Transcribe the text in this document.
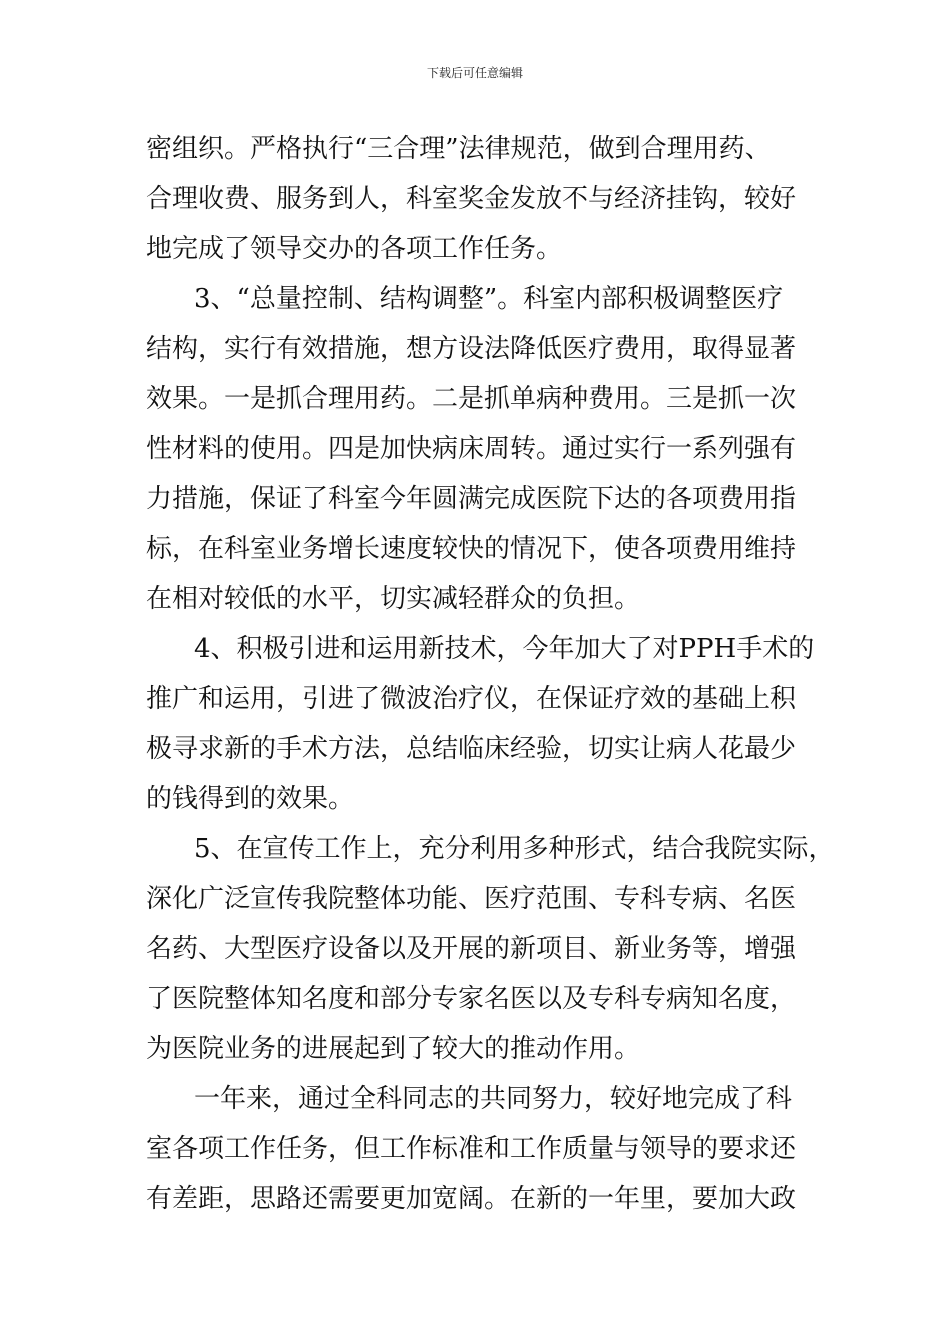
下载后可任意编辑
密组织。严格执行“三合理”法律规范，做到合理用药、
合理收费、服务到人，科室奖金发放不与经济挂钩，较好
地完成了领导交办的各项工作任务。
3、“总量控制、结构调整”。科室内部积极调整医疗
结构，实行有效措施，想方设法降低医疗费用，取得显著
效果。一是抓合理用药。二是抓单病种费用。三是抓一次
性材料的使用。四是加快病床周转。通过实行一系列强有
力措施，保证了科室今年圆满完成医院下达的各项费用指
标，在科室业务增长速度较快的情况下，使各项费用维持
在相对较低的水平，切实减轻群众的负担。
4、积极引进和运用新技术，今年加大了对PPH手术的
推广和运用，引进了微波治疗仪，在保证疗效的基础上积
极寻求新的手术方法，总结临床经验，切实让病人花最少
的钱得到的效果。
5、在宣传工作上，充分利用多种形式，结合我院实际，
深化广泛宣传我院整体功能、医疗范围、专科专病、名医
名药、大型医疗设备以及开展的新项目、新业务等，增强
了医院整体知名度和部分专家名医以及专科专病知名度，
为医院业务的进展起到了较大的推动作用。
一年来，通过全科同志的共同努力，较好地完成了科
室各项工作任务，但工作标准和工作质量与领导的要求还
有差距，思路还需要更加宽阔。在新的一年里，要加大政
